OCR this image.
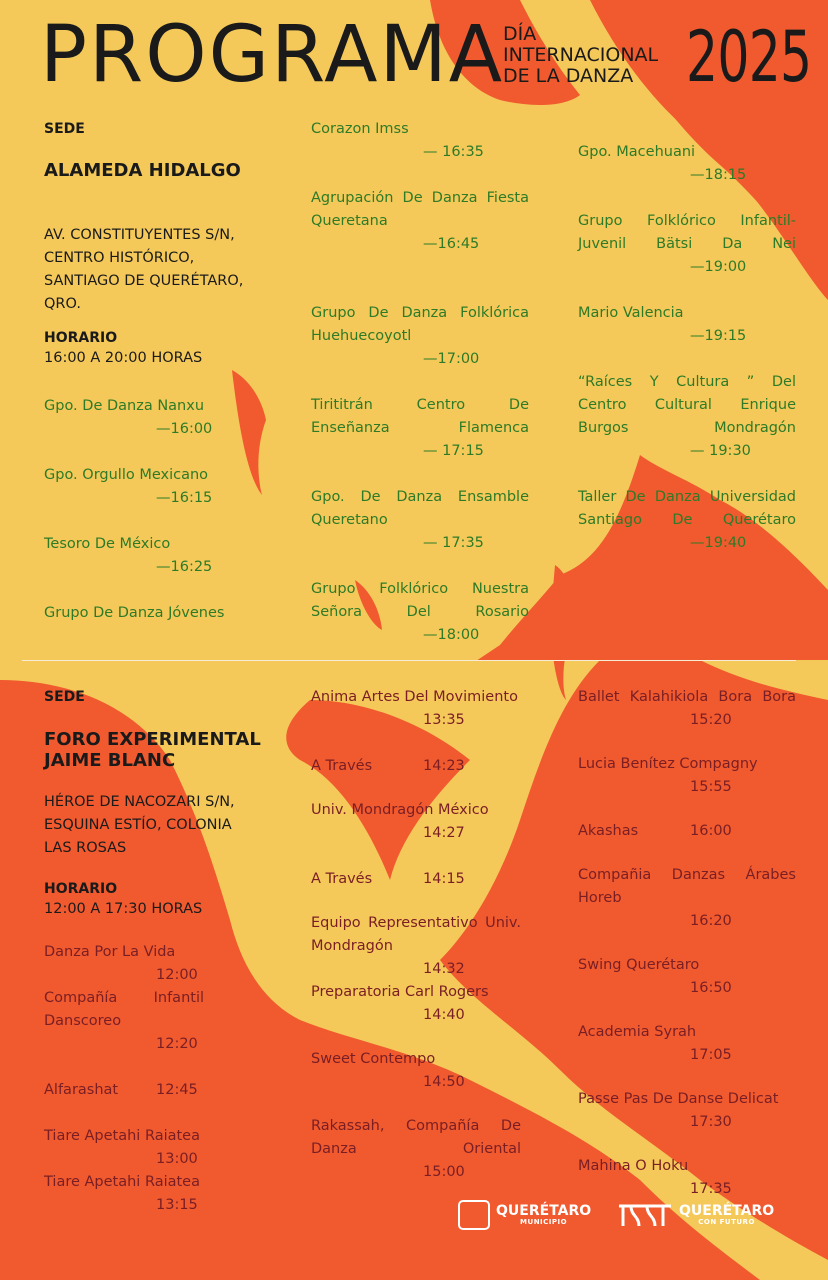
PROGRAMA
DÍA
INTERNACIONAL
DE LA DANZA 2025
SEDE
ALAMEDA HIDALGO
AV. CONSTITUYENTES S/N,
CENTRO HISTÓRICO,
SANTIAGO DE QUERÉTARO,
QRO.
HORARIO
16:00 A 20:00 HORAS
Gpo. De Danza Nanxu
—16:00
Gpo. Orgullo Mexicano
—16:15
Tesoro De México
—16:25
Grupo De Danza Jóvenes
Corazon Imss
— 16:35
Agrupación De Danza Fiesta Queretana
—16:45
Grupo De Danza Folklórica Huehuecoyotl
—17:00
Tirititrán Centro De Enseñanza Flamenca
— 17:15
Gpo. De Danza Ensamble Queretano
— 17:35
Grupo Folklórico Nuestra Señora Del Rosario
—18:00
Gpo. Macehuani
—18:15
Grupo Folklórico Infantil-Juvenil Bätsi Da Nei
—19:00
Mario Valencia
—19:15
“Raíces Y Cultura ” Del Centro Cultural Enrique Burgos Mondragón
— 19:30
Taller De Danza Universidad Santiago De Querétaro
—19:40
SEDE
FORO EXPERIMENTAL JAIME BLANC
HÉROE DE NACOZARI S/N,
ESQUINA ESTÍO, COLONIA
LAS ROSAS
HORARIO
12:00 A 17:30 HORAS
Danza Por La Vida
12:00
Compañía Infantil Danscoreo
12:20
Alfarashat	12:45
Tiare Apetahi Raiatea
13:00
Tiare Apetahi Raiatea
13:15
Anima Artes Del Movimiento
13:35
A Través	14:23
Univ. Mondragón México
14:27
A Través	14:15
Equipo Representativo Univ. Mondragón
14:32
Preparatoria Carl Rogers
14:40
Sweet Contempo
14:50
Rakassah, Compañía De Danza Oriental
15:00
Ballet Kalahikiola Bora Bora
15:20
Lucia Benítez Compagny
15:55
Akashas	16:00
Compañia Danzas Árabes Horeb
16:20
Swing Querétaro
16:50
Academia Syrah
17:05
Passe Pas De Danse Delicat
17:30
Mahina O Hoku
17:35
QUERÉTARO
MUNICIPIO
QUERÉTARO
CON FUTURO
